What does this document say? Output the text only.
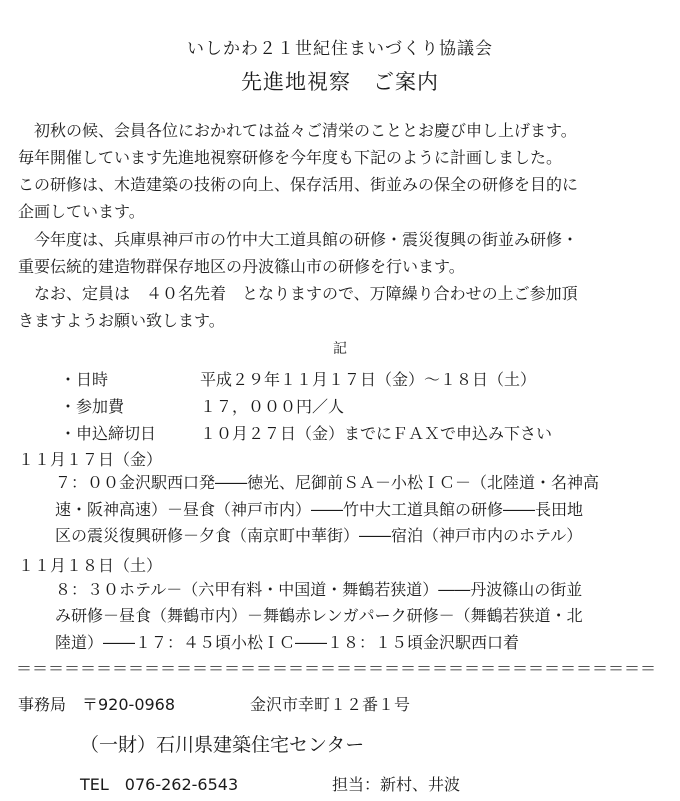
いしかわ２１世紀住まいづくり協議会
先進地視察　ご案内
　初秋の候、会員各位におかれては益々ご清栄のこととお慶び申し上げます。
毎年開催しています先進地視察研修を今年度も下記のように計画しました。
この研修は、木造建築の技術の向上、保存活用、街並みの保全の研修を目的に
企画しています。
　今年度は、兵庫県神戸市の竹中大工道具館の研修・震災復興の街並み研修・
重要伝統的建造物群保存地区の丹波篠山市の研修を行います。
　なお、定員は　４０名先着　となりますので、万障繰り合わせの上ご参加頂
きますようお願い致します。
記
・日時	平成２９年１１月１７日（金）～１８日（土）
・参加費	１７，０００円／人
・申込締切日	１０月２７日（金）までにＦＡＸで申込み下さい
１１月１７日（金）
７：００金沢駅西口発――徳光、尼御前ＳＡ－小松ＩＣ－（北陸道・名神高
速・阪神高速）－昼食（神戸市内）――竹中大工道具館の研修――長田地
区の震災復興研修－夕食（南京町中華街）――宿泊（神戸市内のホテル）
１１月１８日（土）
８：３０ホテル－（六甲有料・中国道・舞鶴若狭道）――丹波篠山の街並
み研修－昼食（舞鶴市内）－舞鶴赤レンガパーク研修－（舞鶴若狭道・北
陸道）――１７：４５頃小松ＩＣ――１８：１５頃金沢駅西口着
＝＝＝＝＝＝＝＝＝＝＝＝＝＝＝＝＝＝＝＝＝＝＝＝＝＝＝＝＝＝＝＝＝＝＝＝＝＝＝＝
事務局　〒920-0968	金沢市幸町１２番１号
（一財）石川県建築住宅センター
TEL　076-262-6543	担当：新村、井波
